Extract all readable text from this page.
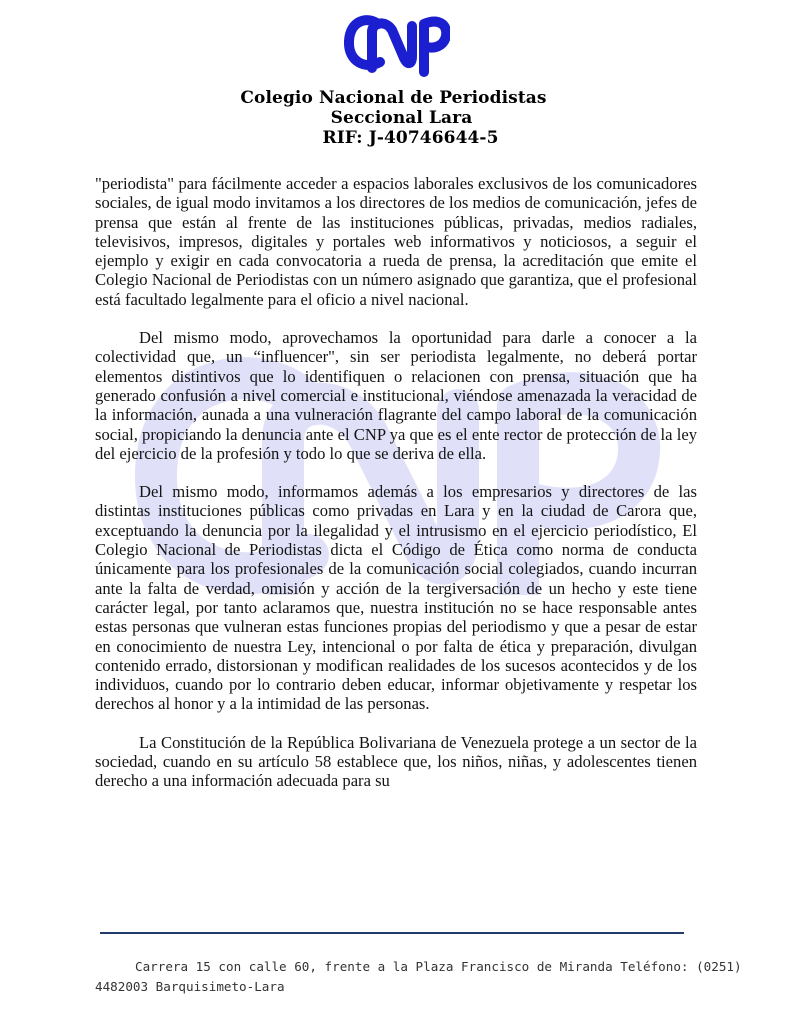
Colegio Nacional de Periodistas
Seccional Lara
RIF: J-40746644-5

"periodista" para fácilmente acceder a espacios laborales exclusivos de los comunicadores sociales, de igual modo invitamos a los directores de los medios de comunicación, jefes de prensa que están al frente de las instituciones públicas, privadas, medios radiales, televisivos, impresos, digitales y portales web informativos y noticiosos, a seguir el ejemplo y exigir en cada convocatoria a rueda de prensa, la acreditación que emite el Colegio Nacional de Periodistas con un número asignado que garantiza, que el profesional está facultado legalmente para el oficio a nivel nacional.

Del mismo modo, aprovechamos la oportunidad para darle a conocer a la colectividad que, un “influencer", sin ser periodista legalmente, no deberá portar elementos distintivos que lo identifiquen o relacionen con prensa, situación que ha generado confusión a nivel comercial e institucional, viéndose amenazada la veracidad de la información, aunada a una vulneración flagrante del campo laboral de la comunicación social, propiciando la denuncia ante el CNP ya que es el ente rector de protección de la ley del ejercicio de la profesión y todo lo que se deriva de ella.

Del mismo modo, informamos además a los empresarios y directores de las distintas instituciones públicas como privadas en Lara y en la ciudad de Carora que, exceptuando la denuncia por la ilegalidad y el intrusismo en el ejercicio periodístico, El Colegio Nacional de Periodistas dicta el Código de Ética como norma de conducta únicamente para los profesionales de la comunicación social colegiados, cuando incurran ante la falta de verdad, omisión y acción de la tergiversación de un hecho y este tiene carácter legal, por tanto aclaramos que, nuestra institución no se hace responsable antes estas personas que vulneran estas funciones propias del periodismo y que a pesar de estar en conocimiento de nuestra Ley, intencional o por falta de ética y preparación, divulgan contenido errado, distorsionan y modifican realidades de los sucesos acontecidos y de los individuos, cuando por lo contrario deben educar, informar objetivamente y respetar los derechos al honor y a la intimidad de las personas.

La Constitución de la República Bolivariana de Venezuela protege a un sector de la sociedad, cuando en su artículo 58 establece que, los niños, niñas, y adolescentes tienen derecho a una información adecuada para su

Carrera 15 con calle 60, frente a la Plaza Francisco de Miranda Teléfono: (0251)
4482003 Barquisimeto-Lara
